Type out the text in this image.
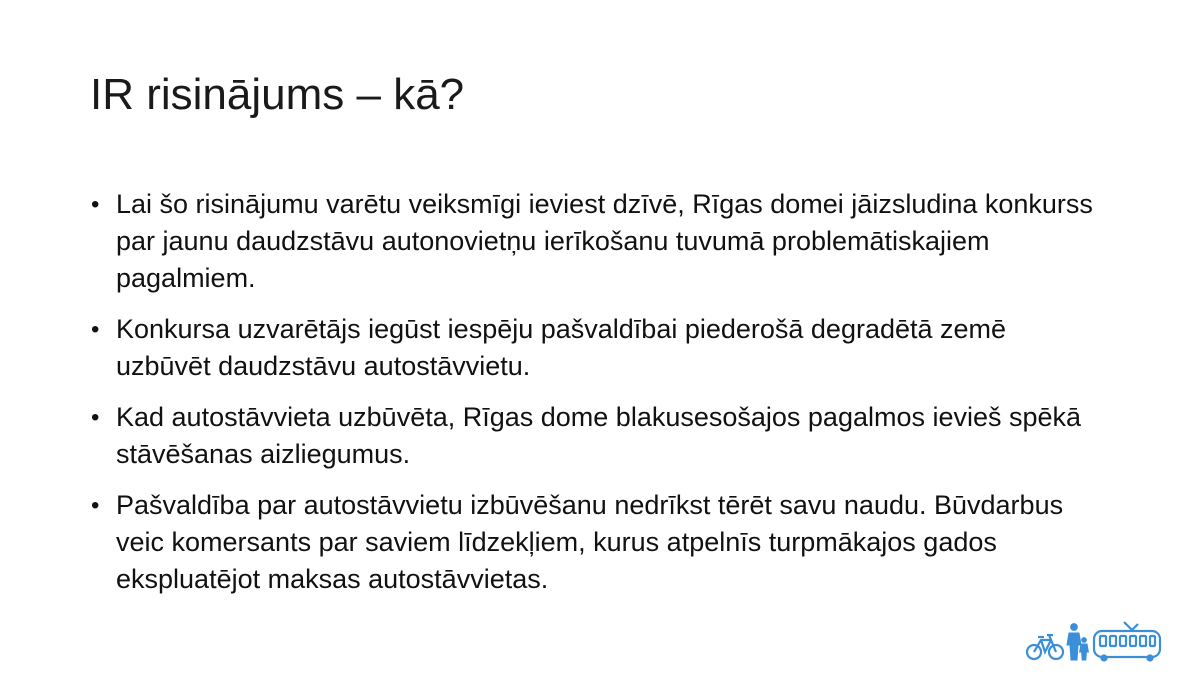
IR risinājums – kā?
• Lai šo risinājumu varētu veiksmīgi ieviest dzīvē, Rīgas domei jāizsludina konkurss par jaunu daudzstāvu autonovietņu ierīkošanu tuvumā problemātiskajiem pagalmiem.
• Konkursa uzvarētājs iegūst iespēju pašvaldībai piederošā degradētā zemē uzbūvēt daudzstāvu autostāvvietu.
• Kad autostāvvieta uzbūvēta, Rīgas dome blakusesošajos pagalmos ievieš spēkā stāvēšanas aizliegumus.
• Pašvaldība par autostāvvietu izbūvēšanu nedrīkst tērēt savu naudu. Būvdarbus veic komersants par saviem līdzekļiem, kurus atpelnīs turpmākajos gados ekspluatējot maksas autostāvvietas.
